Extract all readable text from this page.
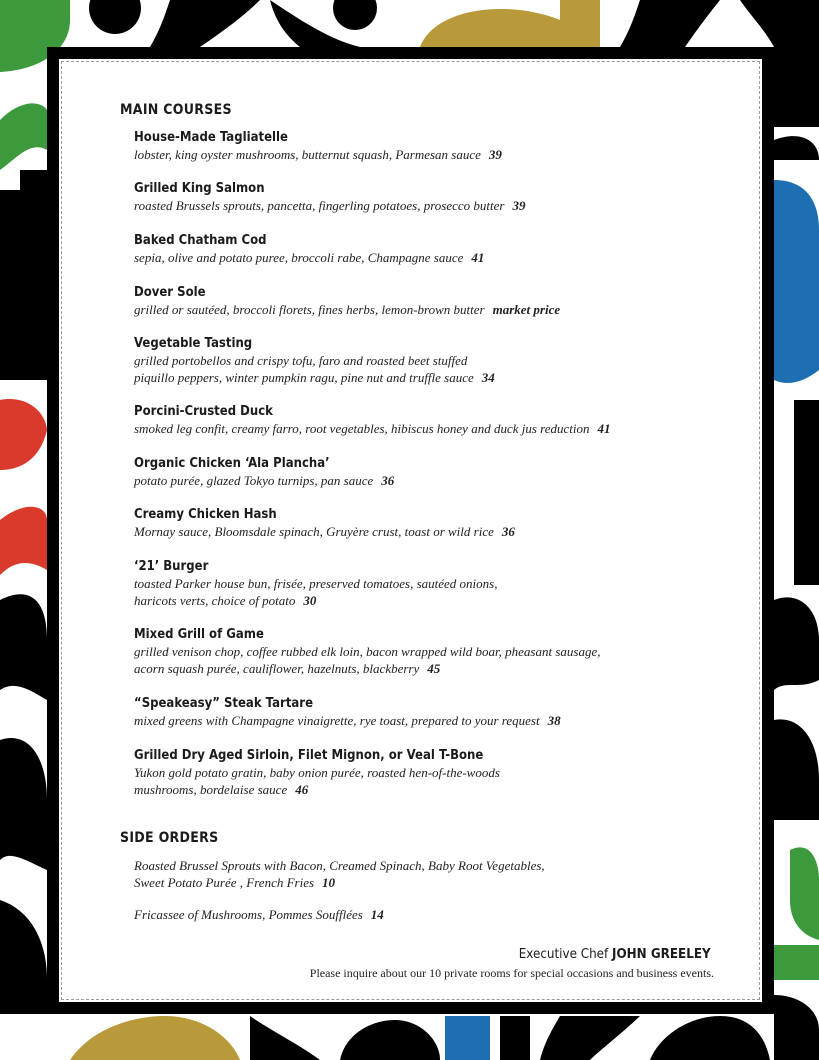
MAIN COURSES
House-Made Tagliatelle
lobster, king oyster mushrooms, butternut squash, Parmesan sauce 39
Grilled King Salmon
roasted Brussels sprouts, pancetta, fingerling potatoes, prosecco butter 39
Baked Chatham Cod
sepia, olive and potato puree, broccoli rabe, Champagne sauce 41
Dover Sole
grilled or sautéed, broccoli florets, fines herbs, lemon-brown butter market price
Vegetable Tasting
grilled portobellos and crispy tofu, faro and roasted beet stuffed
piquillo peppers, winter pumpkin ragu, pine nut and truffle sauce 34
Porcini-Crusted Duck
smoked leg confit, creamy farro, root vegetables, hibiscus honey and duck jus reduction 41
Organic Chicken ‘Ala Plancha’
potato purée, glazed Tokyo turnips, pan sauce 36
Creamy Chicken Hash
Mornay sauce, Bloomsdale spinach, Gruyère crust, toast or wild rice 36
‘21’ Burger
toasted Parker house bun, frisée, preserved tomatoes, sautéed onions,
haricots verts, choice of potato 30
Mixed Grill of Game
grilled venison chop, coffee rubbed elk loin, bacon wrapped wild boar, pheasant sausage,
acorn squash purée, cauliflower, hazelnuts, blackberry 45
“Speakeasy” Steak Tartare
mixed greens with Champagne vinaigrette, rye toast, prepared to your request 38
Grilled Dry Aged Sirloin, Filet Mignon, or Veal T-Bone
Yukon gold potato gratin, baby onion purée, roasted hen-of-the-woods
mushrooms, bordelaise sauce 46
SIDE ORDERS
Roasted Brussel Sprouts with Bacon, Creamed Spinach, Baby Root Vegetables,
Sweet Potato Purée , French Fries 10
Fricassee of Mushrooms, Pommes Soufflées 14
Executive Chef JOHN GREELEY
Please inquire about our 10 private rooms for special occasions and business events.
